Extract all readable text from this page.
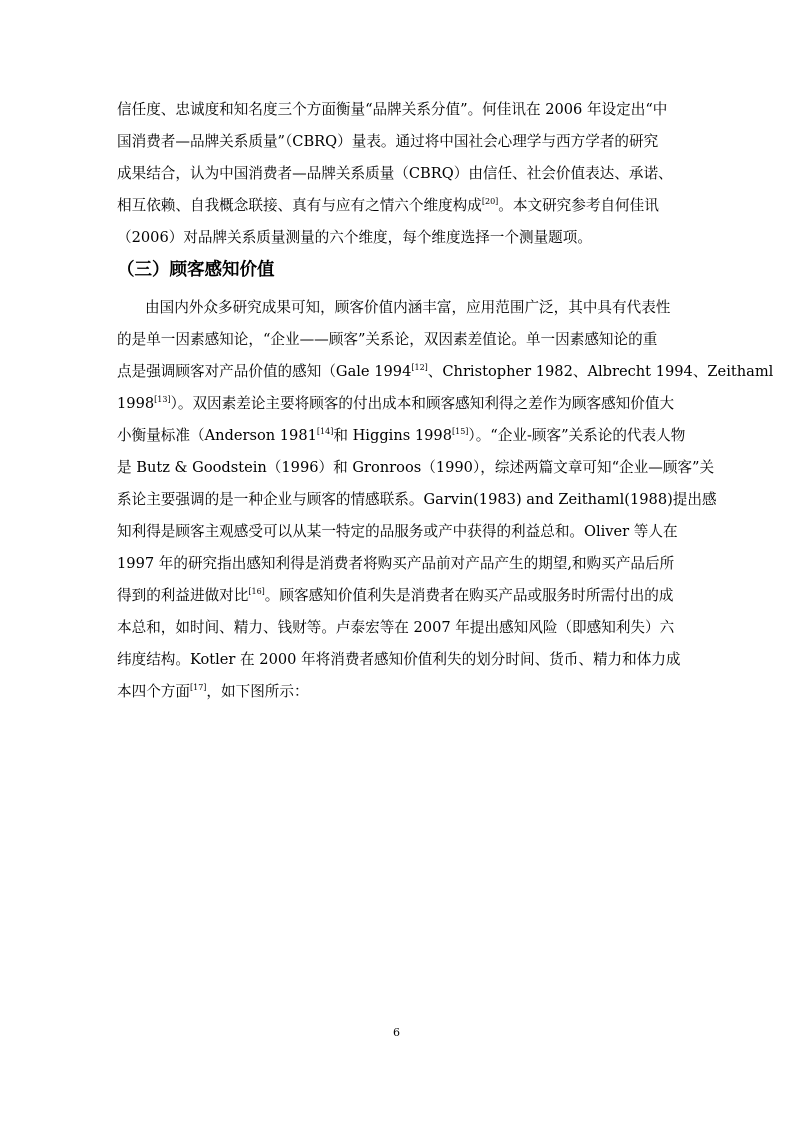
信任度、忠诚度和知名度三个方面衡量“品牌关系分值”。何佳讯在 2006 年设定出“中
国消费者—品牌关系质量”（CBRQ）量表。通过将中国社会心理学与西方学者的研究
成果结合，认为中国消费者—品牌关系质量（CBRQ）由信任、社会价值表达、承诺、
相互依赖、自我概念联接、真有与应有之情六个维度构成[20]。本文研究参考自何佳讯
（2006）对品牌关系质量测量的六个维度，每个维度选择一个测量题项。
（三）顾客感知价值
由国内外众多研究成果可知，顾客价值内涵丰富，应用范围广泛，其中具有代表性
的是单一因素感知论，“企业——顾客”关系论，双因素差值论。单一因素感知论的重
点是强调顾客对产品价值的感知（Gale 1994[12]、Christopher 1982、Albrecht 1994、Zeithaml
1998[13]）。双因素差论主要将顾客的付出成本和顾客感知利得之差作为顾客感知价值大
小衡量标准（Anderson 1981[14]和 Higgins 1998[15]）。“企业-顾客”关系论的代表人物
是 Butz & Goodstein（1996）和 Gronroos（1990），综述两篇文章可知“企业—顾客”关
系论主要强调的是一种企业与顾客的情感联系。Garvin(1983) and Zeithaml(1988)提出感
知利得是顾客主观感受可以从某一特定的品服务或产中获得的利益总和。Oliver 等人在
1997 年的研究指出感知利得是消费者将购买产品前对产品产生的期望,和购买产品后所
得到的利益进做对比[16]。顾客感知价值利失是消费者在购买产品或服务时所需付出的成
本总和，如时间、精力、钱财等。卢泰宏等在 2007 年提出感知风险（即感知利失）六
纬度结构。Kotler 在 2000 年将消费者感知价值利失的划分时间、货币、精力和体力成
本四个方面[17]，如下图所示：
6
